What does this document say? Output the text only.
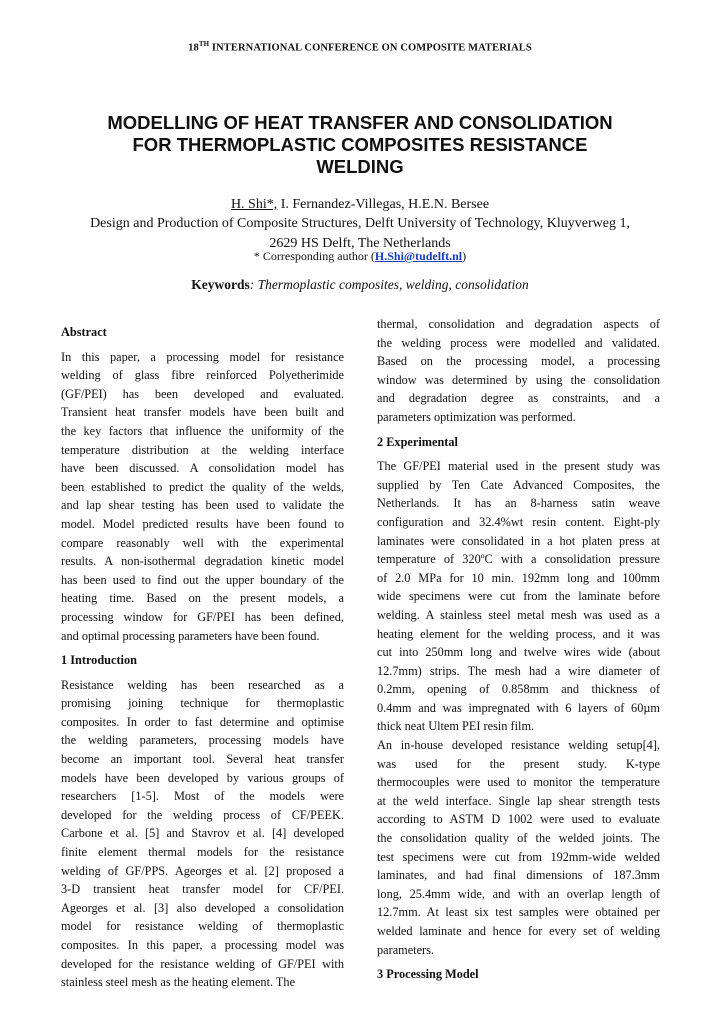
18TH INTERNATIONAL CONFERENCE ON COMPOSITE MATERIALS
MODELLING OF HEAT TRANSFER AND CONSOLIDATION
FOR THERMOPLASTIC COMPOSITES RESISTANCE
WELDING
H. Shi*, I. Fernandez-Villegas, H.E.N. Bersee
Design and Production of Composite Structures, Delft University of Technology, Kluyverweg 1,
2629 HS Delft, The Netherlands
* Corresponding author (H.Shi@tudelft.nl)
Keywords: Thermoplastic composites, welding, consolidation

Abstract

In this paper, a processing model for resistance
welding of glass fibre reinforced Polyetherimide
(GF/PEI) has been developed and evaluated.
Transient heat transfer models have been built and
the key factors that influence the uniformity of the
temperature distribution at the welding interface
have been discussed. A consolidation model has
been established to predict the quality of the welds,
and lap shear testing has been used to validate the
model. Model predicted results have been found to
compare reasonably well with the experimental
results. A non-isothermal degradation kinetic model
has been used to find out the upper boundary of the
heating time. Based on the present models, a
processing window for GF/PEI has been defined,
and optimal processing parameters have been found.

1 Introduction

Resistance welding has been researched as a
promising joining technique for thermoplastic
composites. In order to fast determine and optimise
the welding parameters, processing models have
become an important tool. Several heat transfer
models have been developed by various groups of
researchers [1-5]. Most of the models were
developed for the welding process of CF/PEEK.
Carbone et al. [5] and Stavrov et al. [4] developed
finite element thermal models for the resistance
welding of GF/PPS. Ageorges et al. [2] proposed a
3-D transient heat transfer model for CF/PEI.
Ageorges et al. [3] also developed a consolidation
model for resistance welding of thermoplastic
composites. In this paper, a processing model was
developed for the resistance welding of GF/PEI with
stainless steel mesh as the heating element. The
thermal, consolidation and degradation aspects of
the welding process were modelled and validated.
Based on the processing model, a processing
window was determined by using the consolidation
and degradation degree as constraints, and a
parameters optimization was performed.

2 Experimental

The GF/PEI material used in the present study was
supplied by Ten Cate Advanced Composites, the
Netherlands. It has an 8-harness satin weave
configuration and 32.4%wt resin content. Eight-ply
laminates were consolidated in a hot platen press at
temperature of 320ºC with a consolidation pressure
of 2.0 MPa for 10 min. 192mm long and 100mm
wide specimens were cut from the laminate before
welding. A stainless steel metal mesh was used as a
heating element for the welding process, and it was
cut into 250mm long and twelve wires wide (about
12.7mm) strips. The mesh had a wire diameter of
0.2mm, opening of 0.858mm and thickness of
0.4mm and was impregnated with 6 layers of 60µm
thick neat Ultem PEI resin film.
An in-house developed resistance welding setup[4],
was used for the present study. K-type
thermocouples were used to monitor the temperature
at the weld interface. Single lap shear strength tests
according to ASTM D 1002 were used to evaluate
the consolidation quality of the welded joints. The
test specimens were cut from 192mm-wide welded
laminates, and had final dimensions of 187.3mm
long, 25.4mm wide, and with an overlap length of
12.7mm. At least six test samples were obtained per
welded laminate and hence for every set of welding
parameters.

3 Processing Model
